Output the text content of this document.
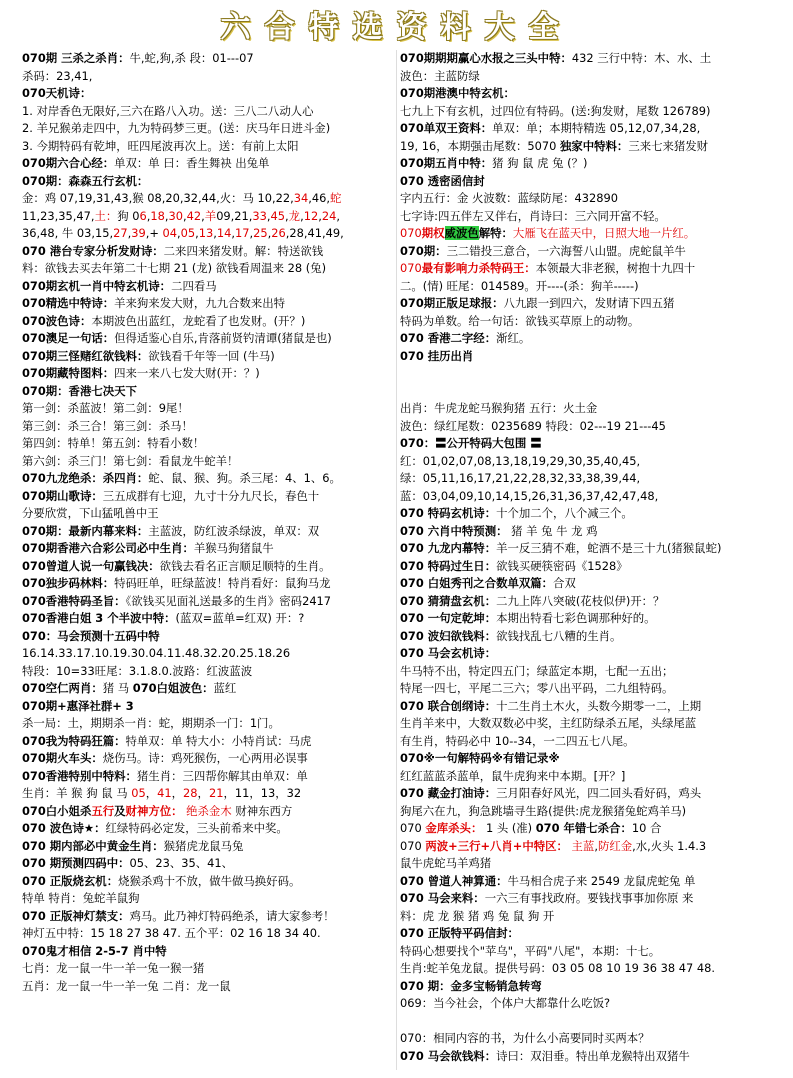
六合特选资料大全
070期 三杀之杀肖：牛,蛇,狗,杀 段：01---07
杀码：23,41,
070天机诗：
1. 对岸香色无限好,三六在路八入功。送：三八二八动人心
2. 羊兄猴弟走四中，九为特码梦三更。(送：庆马年日进斗金)
3. 今期特码有乾坤，旺四尾波再次上。送：有前上太阳
070期六合心经：单双：单 曰：香生舞袂 出兔单
070期：森森五行玄机：
金：鸡 07,19,31,43,猴 08,20,32,44,火：马 10,22,34,46,蛇
11,23,35,47,土：狗 06,18,30,42,羊09,21,33,45,龙,12,24,
36,48, 牛 03,15,27,39,+ 04,05,13,14,17,25,26,28,41,49,
070 港台专家分析发财诗：二来四来猪发财。解：特送欲钱
料：欲钱去买去年第二十七期 21 (龙) 欲钱看周温来 28 (兔)
070期玄机一肖中特玄机诗：二四看马
070精选中特诗：羊来狗来发大财，九九合数来出特
070波色诗：本期波色出蓝红，龙蛇看了也发财。(开？)
070澳足一句话：但得适鉴心自乐,肯落前贤钓清谭(猪鼠是也)
070期三怪赌红欲钱料：欲钱看千年等一回 (牛马)
070期藏特图料：四来一来八七发大财(开：？)
070期：香港七决天下
第一剑：杀蓝波！第二剑：9尾！
第三剑：杀三合！第三剑：杀马！
第四剑：特单！第五剑：特看小数！
第六剑：杀三门！第七剑：看鼠龙牛蛇羊！
070九龙绝杀：杀四肖：蛇、鼠、猴、狗。杀三尾：4、1、6。
070期山歌诗：三五成群有七迎，九寸十分九尺长，春色十
分要欣赏，下山猛吼兽中王
070期：最新内幕来料：主蓝波，防红波杀绿波，单双：双
070期香港六合彩公司必中生肖：羊猴马狗猪鼠牛
070曾道人说一句赢钱决：欲钱去看名正言顺足顺特的生肖。
070独步码林料：特码旺单，旺绿蓝波！特肖看好：鼠狗马龙
070香港特码圣旨：《欲钱买见面礼送最多的生肖》密码2417
070香港白姐 3 个半波中特：(蓝双=蓝单=红双) 开：?
070：马会预测十五码中特
16.14.33.17.10.19.30.04.11.48.32.20.25.18.26
特段：10=33旺尾：3.1.8.0.波路：红波蓝波
070空仁两肖：猪 马 070白姐波色：蓝红
070期+惠泽社群+ 3
杀一局：土，期期杀一肖：蛇，期期杀一门：1门。
070我为特码狂篇：特单双：单 特大小：小特肖试：马虎
070期火车头：烧伤马。诗：鸡死猴伤，一心两用必误事
070香港特别中特料：猪生肖：三四帮你解其由单双：单
生肖：羊 猴 狗 鼠 马 05，41，28，21，11，13，32
070白小姐杀五行及财神方位： 绝杀金木 财神东西方
070 波色诗★：红绿特码必定发，三头前希来中奖。
070 期内部必中黄金生肖：猴猪虎龙鼠马兔
070 期预测四码中：05、23、35、41、
070 正版烧玄机：烧猴杀鸡十不放，做牛做马换好码。
特单 特肖：兔蛇羊鼠狗
070 正版神灯禁支：鸡马。此乃神灯特码绝杀，请大家参考！
神灯五中特：15 18 27 38 47. 五个平：02 16 18 34 40.
070鬼才相信 2-5-7 肖中特
七肖：龙一鼠一牛一羊一兔一猴一猪
五肖：龙一鼠一牛一羊一兔 二肖：龙一鼠
070期期期赢心水报之三头中特：432 三行中特：木、水、土
波色：主蓝防绿
070期港澳中特玄机：
七九上下有玄机，过四位有特码。(送:狗发财，尾数 126789)
070单双王资料：单双：单；本期特精选 05,12,07,34,28,
19, 16，本期强击尾数：5070 独家中特料：三来七来猪发财
070期五肖中特：猪 狗 鼠 虎 兔 (？)
070 透密函信封
字内五行：金 火波数：蓝绿防尾：432890
七字诗:四五伴左又伴右，肖诗曰：三六同开富不轻。
070期权威波色解特：大雁飞在蓝天中，日照大地一片红。
070期：三二错投三意合，一六海誓八山盟。虎蛇鼠羊牛
070最有影响力杀特码王：本领最大非老猴，树抱十九四十
二。(情) 旺尾：014589。开----(杀：狗羊-----)
070期正版足球报：八九跟一到四六，发财请下四五猪
特码为单数。给一句话：欲钱买草原上的动物。
070 香港二字经：渐红。
070 挂历出肖
出肖：牛虎龙蛇马猴狗猪 五行：火土金
波色：绿红尾数：0235689 特段：02---19 21---45
070：〓公开特码大包围 〓
红：01,02,07,08,13,18,19,29,30,35,40,45,
绿：05,11,16,17,21,22,28,32,33,38,39,44,
蓝：03,04,09,10,14,15,26,31,36,37,42,47,48,
070 特码玄机诗：十个加二个，八个减三个。
070 六肖中特预测： 猪 羊 兔 牛 龙 鸡
070 九龙内幕特：羊一反三猜不难，蛇酒不是三十九(猪猴鼠蛇)
070 特码过生日：欲钱买硬筷密码《1528》
070 白姐秀刊之合数单双篇：合双
070 猜猜盘玄机：二九上阵八突破(花枝似伊)开：？
070 一句定乾坤：本期出特看七彩色调那种好的。
070 波妇欲钱料：欲钱找乱七八糟的生肖。
070 马会玄机诗：
牛马特不出，特定四五门；绿蓝定本期，七配一五出；
特尾一四七，平尾二三六；零八出平码，二九组特码。
070 联合创纲诗：十二生肖土木火，头数今期零一二，上期
生肖羊来中，大数双数必中奖，主红防绿杀五尾，头绿尾蓝
有生肖，特码必中 10--34，一二四五七八尾。
070※一句解特码※有错记录※
红红蓝蓝杀蓝单，鼠牛虎狗来中本期。[开？]
070 藏金打油诗：三月阳春好风光，四二回头看好码，鸡头
狗尾六在九，狗急跳墙寻生路(提供:虎龙猴猪兔蛇鸡羊马)
070 金库杀头： 1 头 (准) 070 年错七杀合：10 合
070 两波+三行+八肖+中特区： 主蓝,防红金,水,火头 1.4.3
鼠牛虎蛇马羊鸡猪
070 曾道人神算通：牛马相合虎子来 2549 龙鼠虎蛇兔 单
070 马会来料：一六三有事找政府。要钱找事事加你原 来
料：虎 龙 猴 猪 鸡 兔 鼠 狗 开
070 正版特平码信封：
特码心想要找个"苹乌"，平码"八尾"，本期：十七。
生肖:蛇羊兔龙鼠。提供号码：03 05 08 10 19 36 38 47 48.
070 期：金多宝畅销急转弯
069：当今社会，个体户大都靠什么吃饭?
070：相同内容的书，为什么小高要同时买两本？
070 马会欲钱料：诗曰：双泪垂。特出单龙猴特出双猪牛
